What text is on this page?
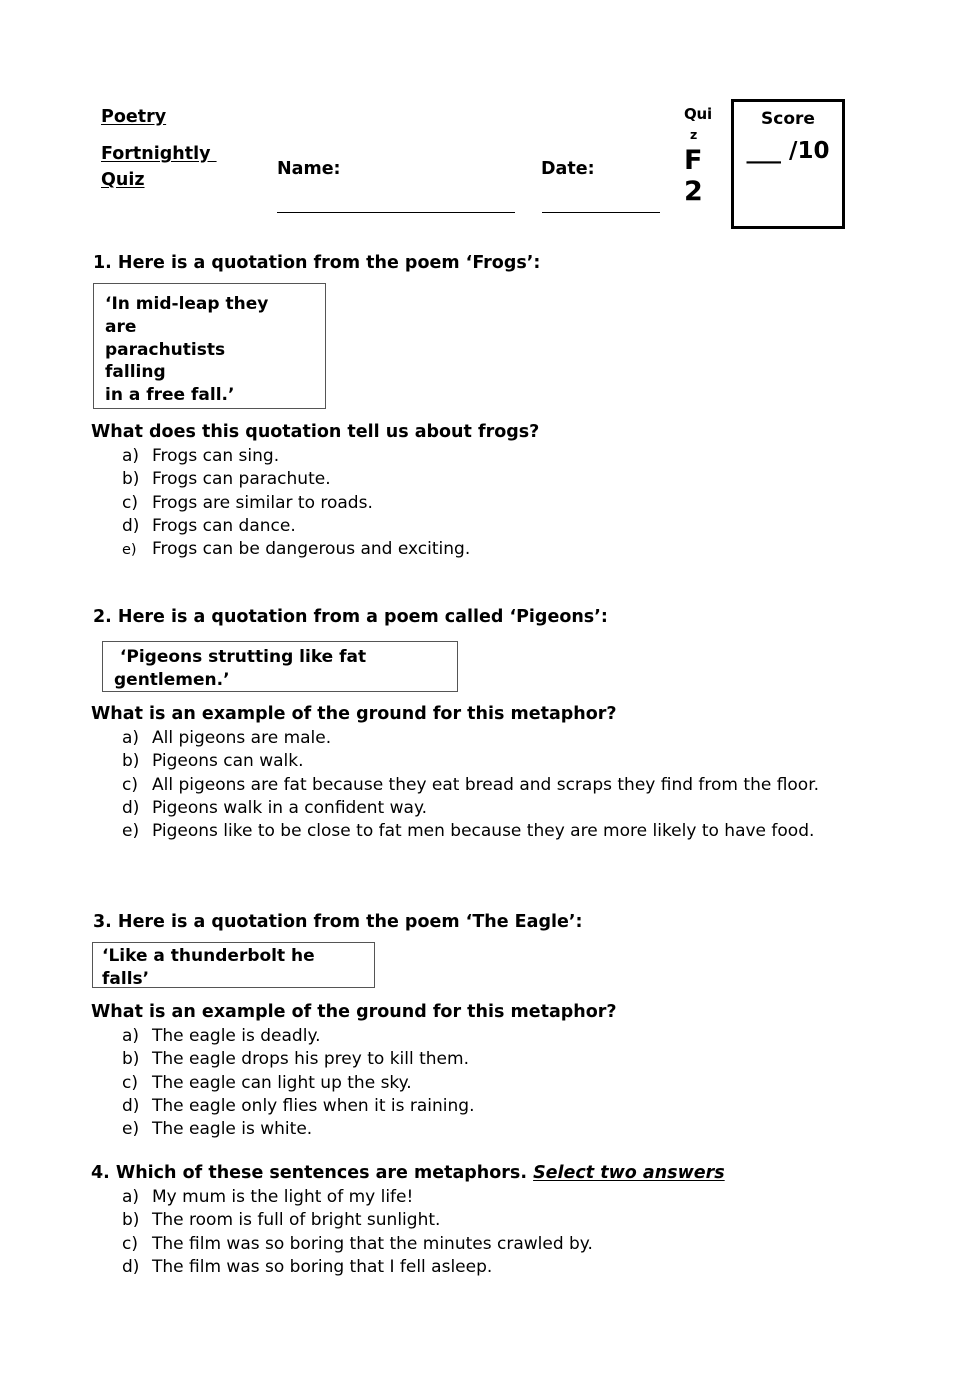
Poetry
Fortnightly
Quiz
Name:	Date:
Qui
z
F
2
Score
___ /10
1. Here is a quotation from the poem ‘Frogs’:
‘In mid-leap they
are
parachutists
falling
in a free fall.’
What does this quotation tell us about frogs?
a) Frogs can sing.
b) Frogs can parachute.
c) Frogs are similar to roads.
d) Frogs can dance.
e) Frogs can be dangerous and exciting.
2. Here is a quotation from a poem called ‘Pigeons’:
‘Pigeons strutting like fat
gentlemen.’
What is an example of the ground for this metaphor?
a) All pigeons are male.
b) Pigeons can walk.
c) All pigeons are fat because they eat bread and scraps they find from the floor.
d) Pigeons walk in a confident way.
e) Pigeons like to be close to fat men because they are more likely to have food.
3. Here is a quotation from the poem ‘The Eagle’:
‘Like a thunderbolt he
falls’
What is an example of the ground for this metaphor?
a) The eagle is deadly.
b) The eagle drops his prey to kill them.
c) The eagle can light up the sky.
d) The eagle only flies when it is raining.
e) The eagle is white.
4. Which of these sentences are metaphors. Select two answers
a) My mum is the light of my life!
b) The room is full of bright sunlight.
c) The film was so boring that the minutes crawled by.
d) The film was so boring that I fell asleep.
